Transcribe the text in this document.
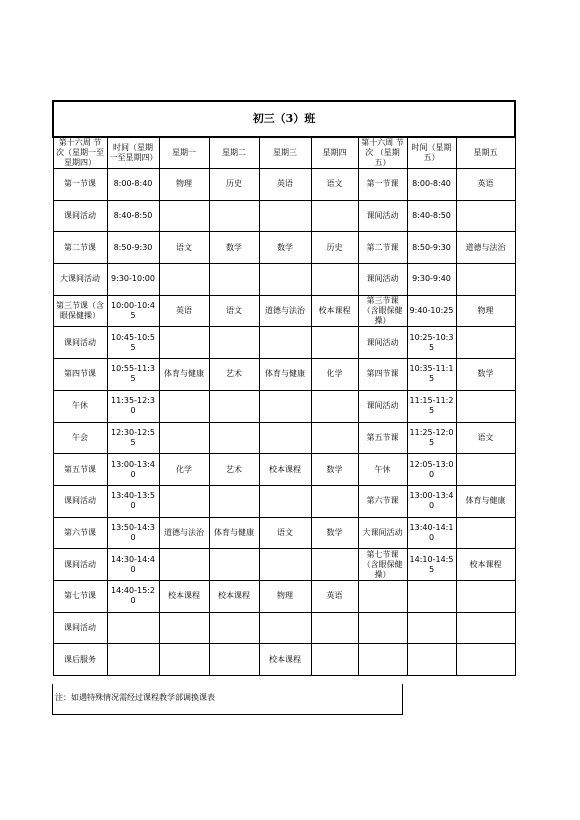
初三（3）班								
第十六周 节次（星期一至星期四）	时间（星期一至星期四）	星期一	星期二	星期三	星期四	第十六周 节次 （星期五）	时间（星期五）	星期五
第一节课	8:00-8:40	物理	历史	英语	语文	第一节课	8:00-8:40	英语
课间活动	8:40-8:50					课间活动	8:40-8:50	
第二节课	8:50-9:30	语文	数学	数学	历史	第二节课	8:50-9:30	道德与法治
大课间活动	9:30-10:00					课间活动	9:30-9:40	
第三节课（含眼保健操）	10:00-10:45	英语	语文	道德与法治	校本课程	第三节课（含眼保健操）	9:40-10:25	物理
课间活动	10:45-10:55					课间活动	10:25-10:35	
第四节课	10:55-11:35	体育与健康	艺术	体育与健康	化学	第四节课	10:35-11:15	数学
午休	11:35-12:30					课间活动	11:15-11:25	
午会	12:30-12:55					第五节课	11:25-12:05	语文
第五节课	13:00-13:40	化学	艺术	校本课程	数学	午休	12:05-13:00	
课间活动	13:40-13:50					第六节课	13:00-13:40	体育与健康
第六节课	13:50-14:30	道德与法治	体育与健康	语文	数学	大课间活动	13:40-14:10	
课间活动	14:30-14:40					第七节课（含眼保健操）	14:10-14:55	校本课程
第七节课	14:40-15:20	校本课程	校本课程	物理	英语			
课间活动								
课后服务				校本课程				
注：如遇特殊情况需经过课程教学部调换课表
